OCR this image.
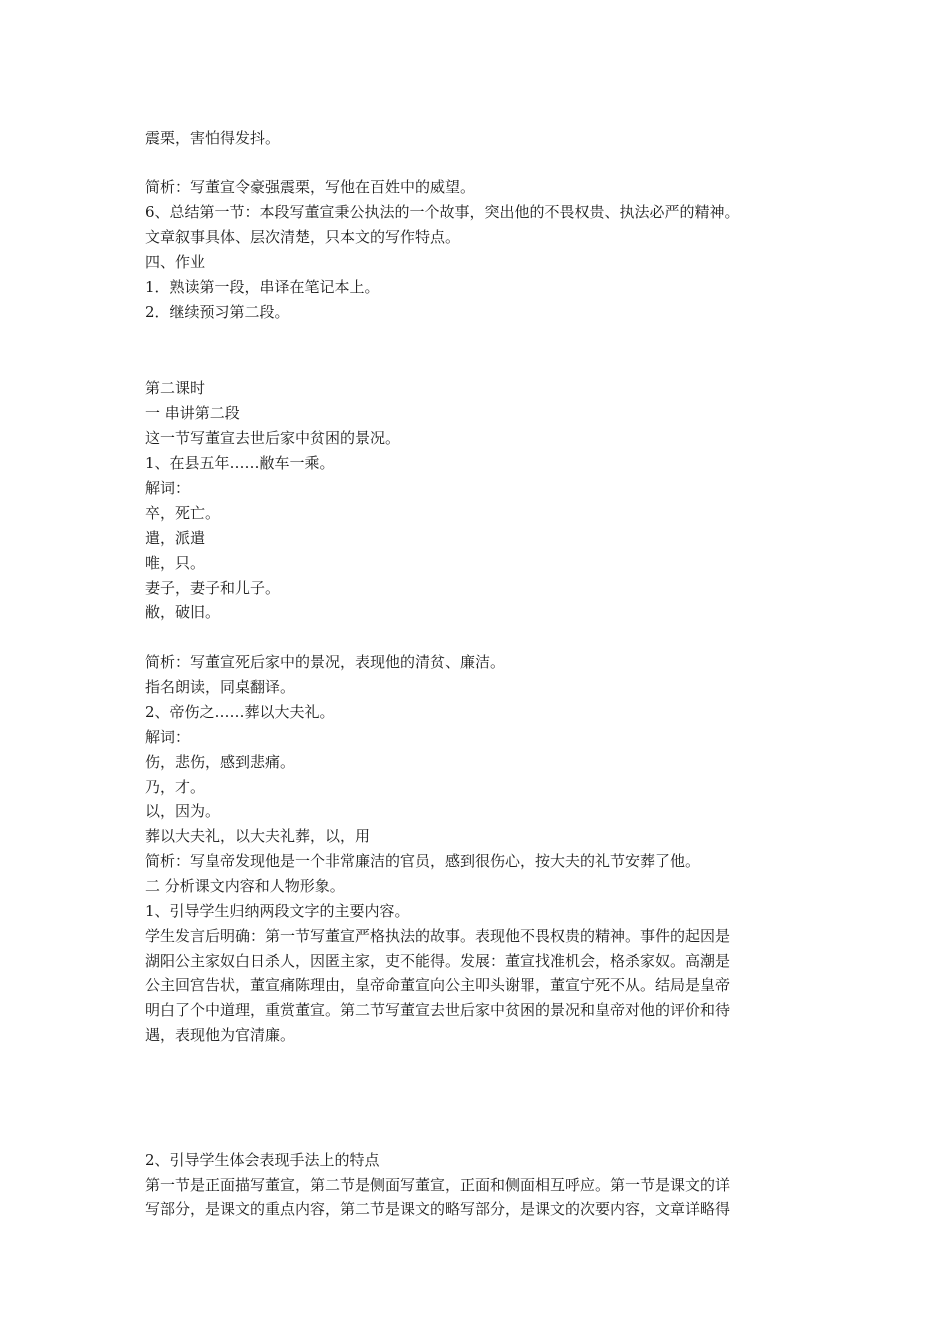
震栗，害怕得发抖。
简析：写董宣令豪强震栗，写他在百姓中的威望。
6、总结第一节：本段写董宣秉公执法的一个故事，突出他的不畏权贵、执法必严的精神。
文章叙事具体、层次清楚，只本文的写作特点。
四、作业
1．熟读第一段，串译在笔记本上。
2．继续预习第二段。
第二课时
一 串讲第二段
这一节写董宣去世后家中贫困的景况。
1、在县五年……敝车一乘。
解词：
卒，死亡。
遣，派遣
唯，只。
妻子，妻子和儿子。
敝，破旧。
简析：写董宣死后家中的景况，表现他的清贫、廉洁。
指名朗读，同桌翻译。
2、帝伤之……葬以大夫礼。
解词：
伤，悲伤，感到悲痛。
乃，才。
以，因为。
葬以大夫礼，以大夫礼葬，以，用
简析：写皇帝发现他是一个非常廉洁的官员，感到很伤心，按大夫的礼节安葬了他。
二 分析课文内容和人物形象。
1、引导学生归纳两段文字的主要内容。
学生发言后明确：第一节写董宣严格执法的故事。表现他不畏权贵的精神。事件的起因是
湖阳公主家奴白日杀人，因匿主家，吏不能得。发展：董宣找准机会，格杀家奴。高潮是
公主回宫告状，董宣痛陈理由，皇帝命董宣向公主叩头谢罪，董宣宁死不从。结局是皇帝
明白了个中道理，重赏董宣。第二节写董宣去世后家中贫困的景况和皇帝对他的评价和待
遇，表现他为官清廉。
2、引导学生体会表现手法上的特点
第一节是正面描写董宣，第二节是侧面写董宣，正面和侧面相互呼应。第一节是课文的详
写部分，是课文的重点内容，第二节是课文的略写部分，是课文的次要内容，文章详略得
